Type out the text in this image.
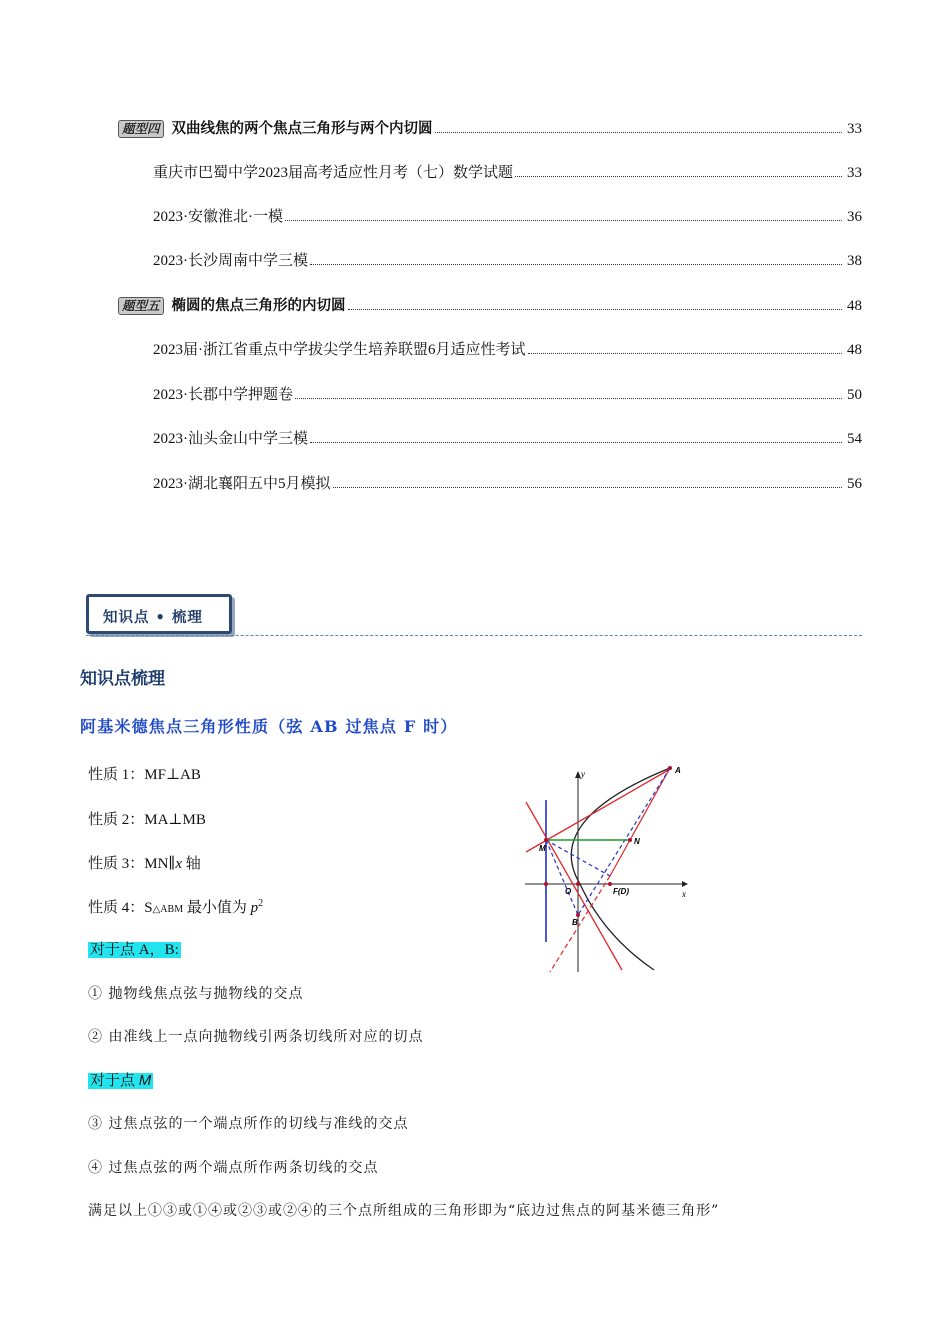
题型四 双曲线焦的两个焦点三角形与两个内切圆	33
重庆市巴蜀中学2023届高考适应性月考（七）数学试题	33
2023·安徽淮北·一模	36
2023·长沙周南中学三模	38
题型五 椭圆的焦点三角形的内切圆	48
2023届·浙江省重点中学拔尖学生培养联盟6月适应性考试	48
2023·长郡中学押题卷	50
2023·汕头金山中学三模	54
2023·湖北襄阳五中5月模拟	56
知识点 • 梳理
知识点梳理
阿基米德焦点三角形性质（弦 AB 过焦点 F 时）
性质 1：MF⊥AB
性质 2：MA⊥MB
性质 3：MN∥x 轴
性质 4：S△ABM 最小值为 $p^2$
对于点 A，B:
① 抛物线焦点弦与抛物线的交点
② 由准线上一点向抛物线引两条切线所对应的切点
对于点 M
③ 过焦点弦的一个端点所作的切线与准线的交点
④ 过焦点弦的两个端点所作两条切线的交点
满足以上①③或①④或②③或②④的三个点所组成的三角形即为“底边过焦点的阿基米德三角形”
y
x
A
N
M
O	F(D)
B
